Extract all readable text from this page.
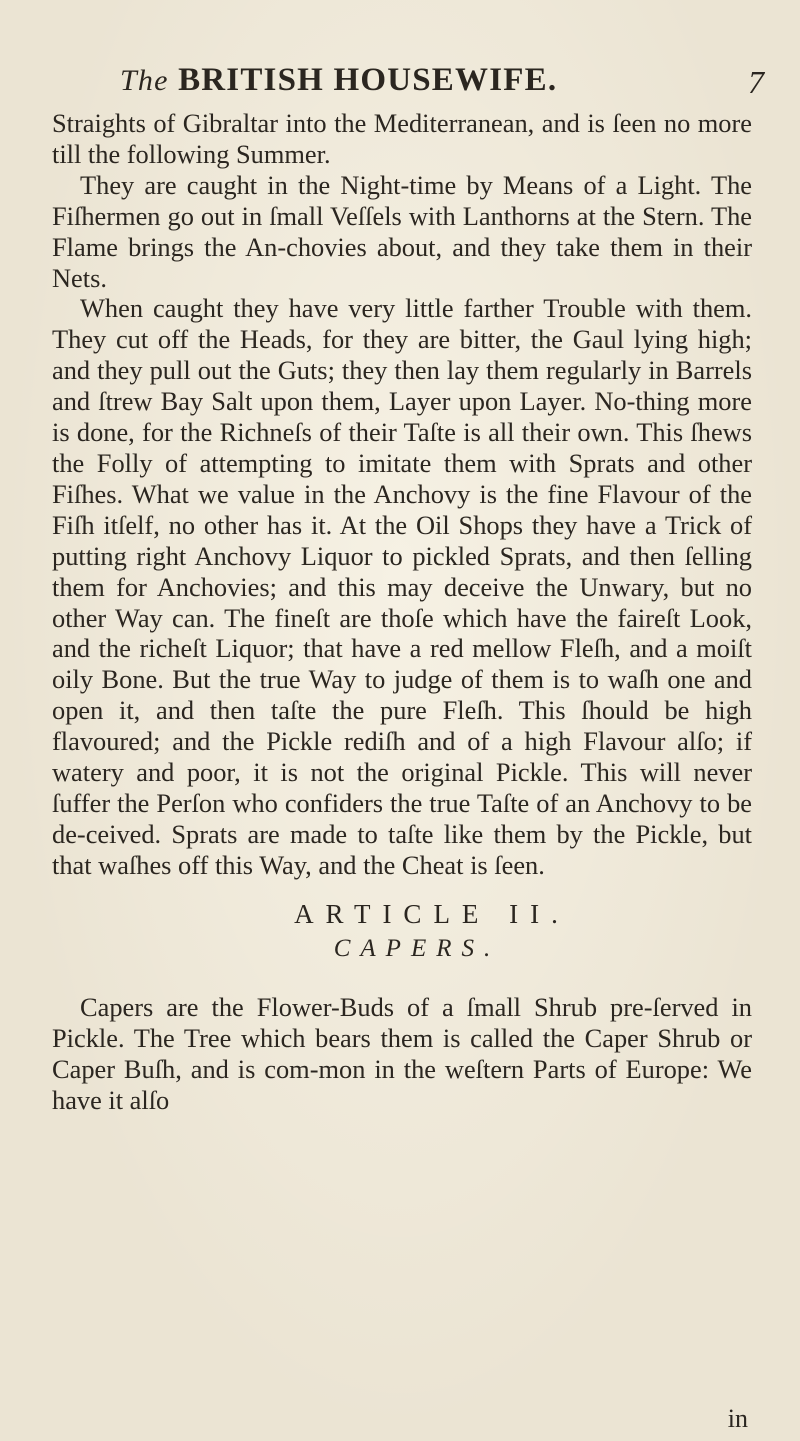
The BRITISH HOUSEWIFE.	7

Straights of Gibraltar into the Mediterranean, and is ſeen no more till the following Summer.

They are caught in the Night-time by Means of a Light. The Fiſhermen go out in ſmall Veſſels with Lanthorns at the Stern. The Flame brings the An-chovies about, and they take them in their Nets.

When caught they have very little farther Trouble with them. They cut off the Heads, for they are bitter, the Gaul lying high; and they pull out the Guts; they then lay them regularly in Barrels and ſtrew Bay Salt upon them, Layer upon Layer. No-thing more is done, for the Richneſs of their Taſte is all their own. This ſhews the Folly of attempting to imitate them with Sprats and other Fiſhes. What we value in the Anchovy is the fine Flavour of the Fiſh itſelf, no other has it. At the Oil Shops they have a Trick of putting right Anchovy Liquor to pickled Sprats, and then ſelling them for Anchovies; and this may deceive the Unwary, but no other Way can. The fineſt are thoſe which have the faireſt Look, and the richeſt Liquor; that have a red mellow Fleſh, and a moiſt oily Bone. But the true Way to judge of them is to waſh one and open it, and then taſte the pure Fleſh. This ſhould be high flavoured; and the Pickle rediſh and of a high Flavour alſo; if watery and poor, it is not the original Pickle. This will never ſuffer the Perſon who confiders the true Taſte of an Anchovy to be de-ceived. Sprats are made to taſte like them by the Pickle, but that waſhes off this Way, and the Cheat is ſeen.

ARTICLE II.
CAPERS.

Capers are the Flower-Buds of a ſmall Shrub pre-ſerved in Pickle. The Tree which bears them is called the Caper Shrub or Caper Buſh, and is com-mon in the weſtern Parts of Europe: We have it alſo

in
